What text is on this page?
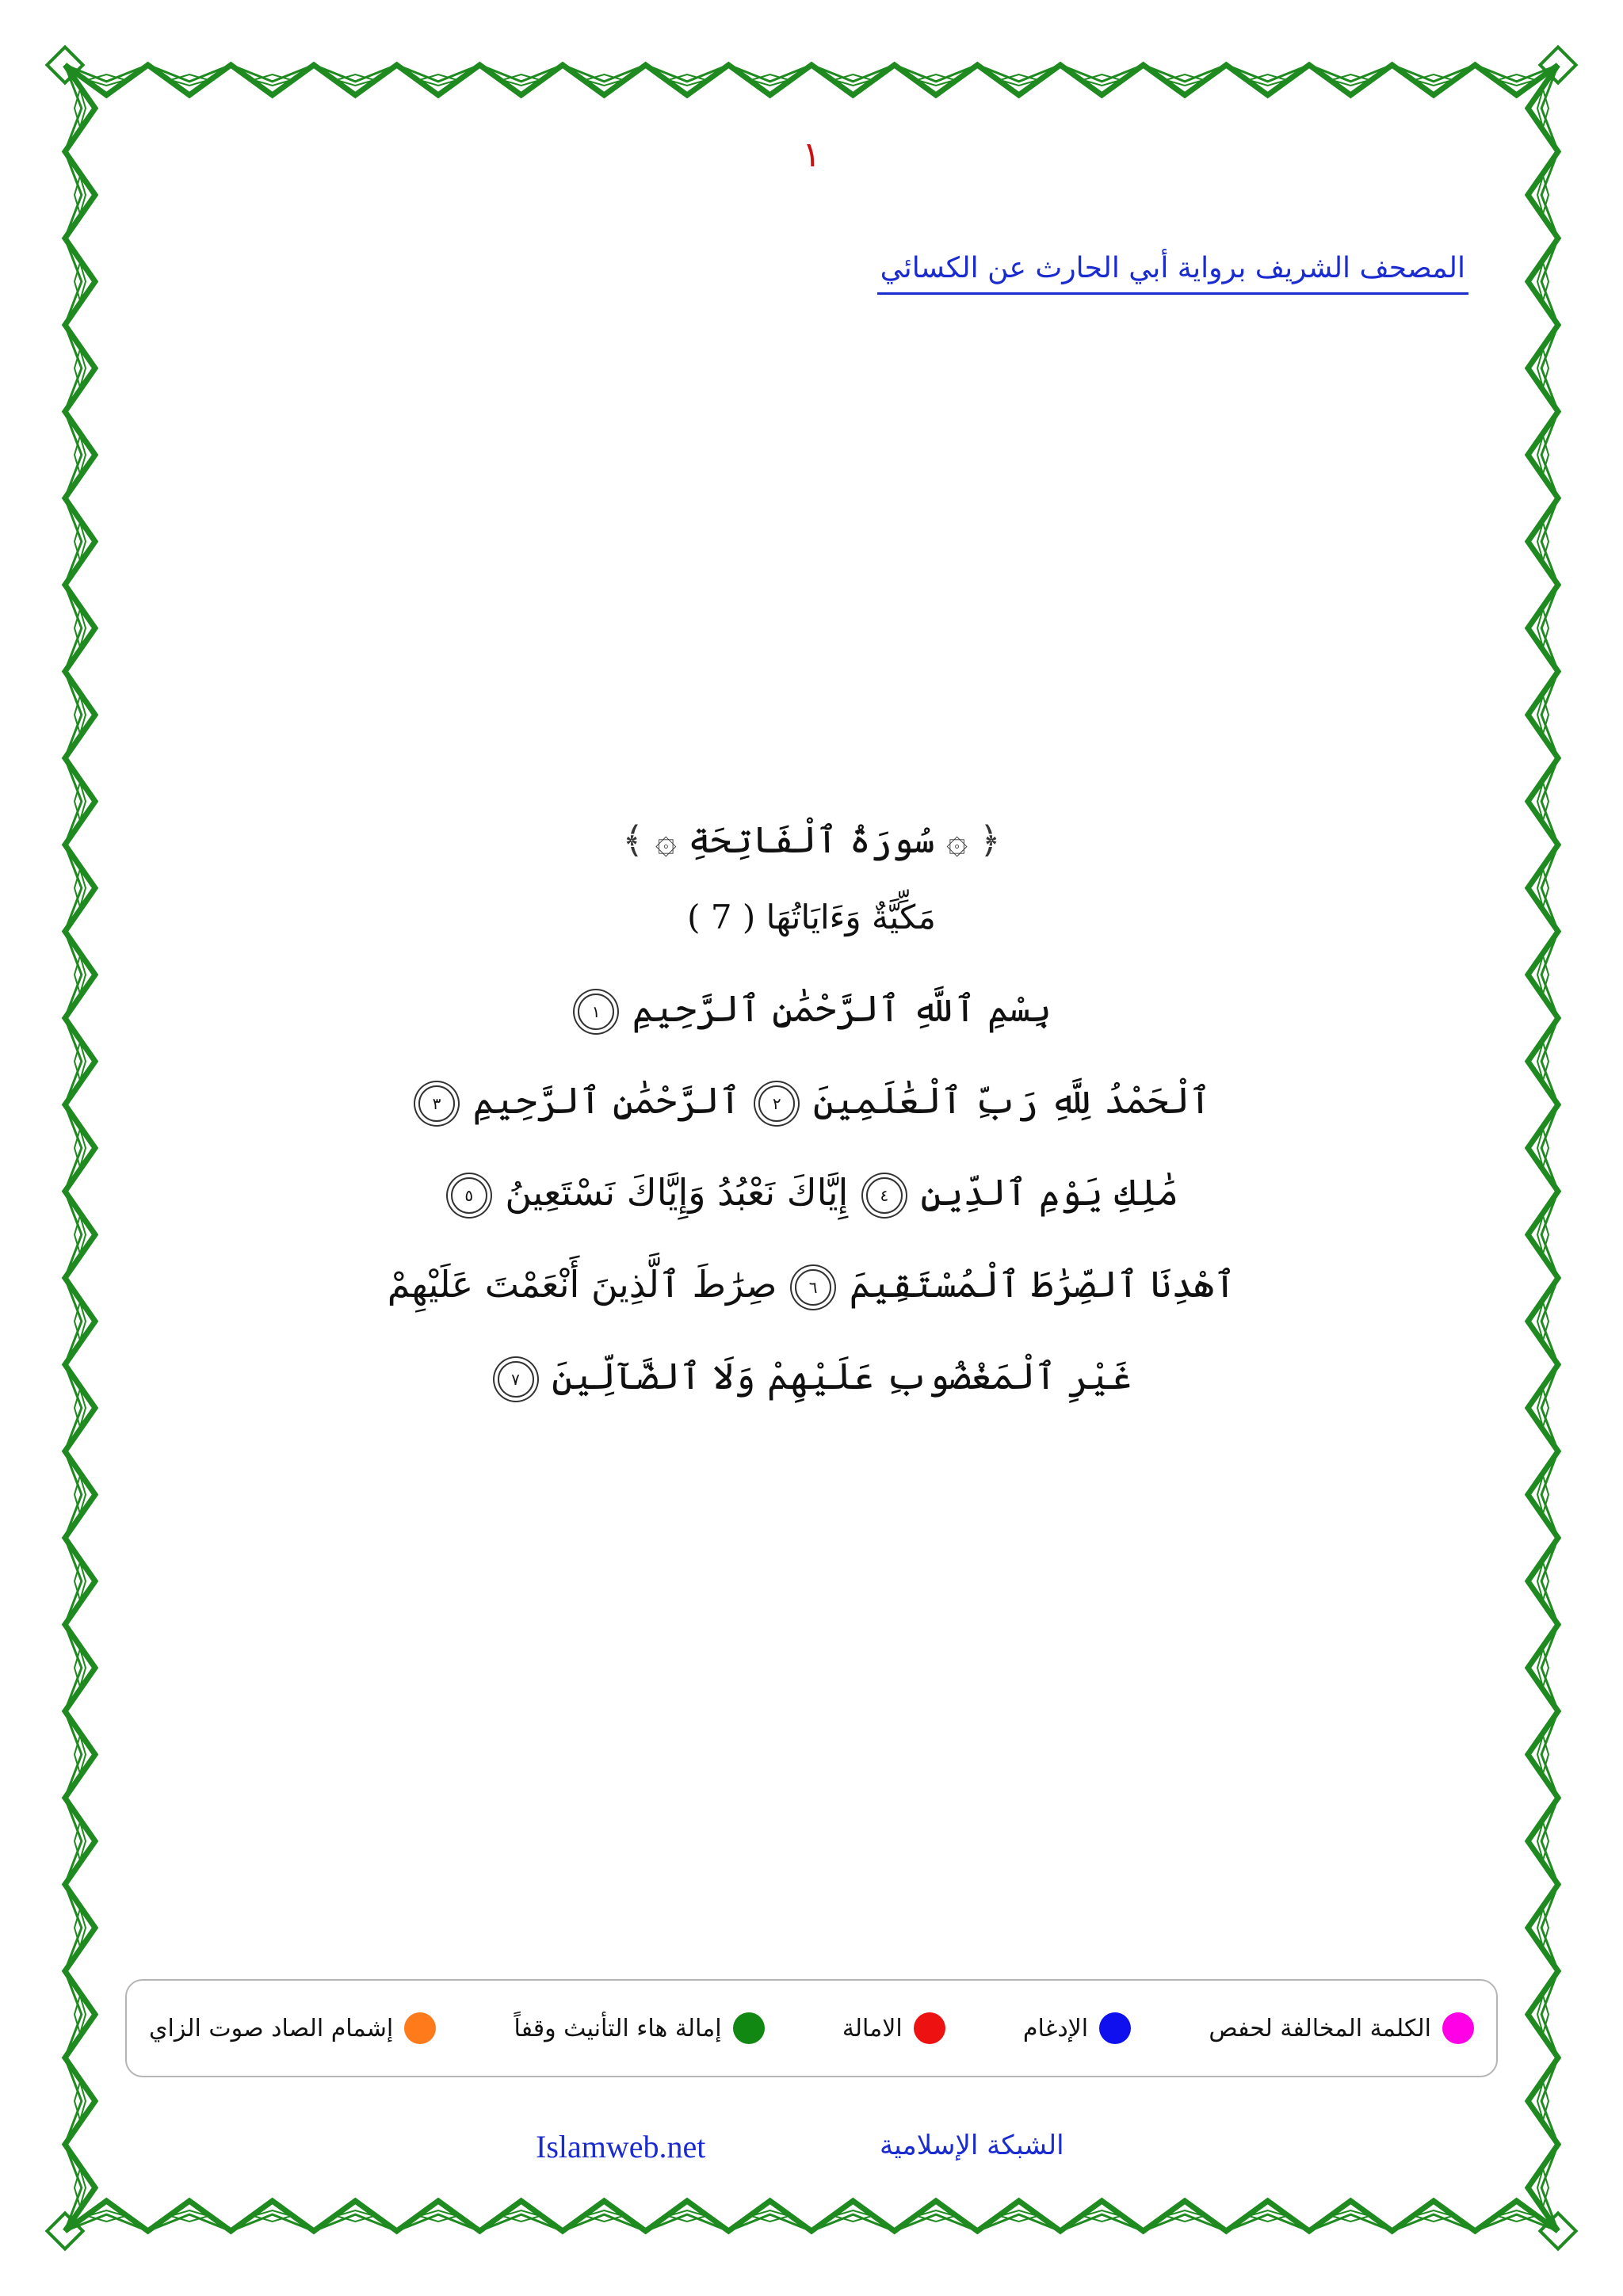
١
المصحف الشريف برواية أبي الحارث عن الكسائي
﴿ ۞ سُورَةُ ٱلْفَاتِحَةِ ۞ ﴾
مَكِّيَّةٌ وَءَايَاتُهَا ( 7 )
بِسْمِ ٱللَّهِ ٱلرَّحْمَٰنِ ٱلرَّحِيمِ ١
ٱلْحَمْدُ لِلَّهِ رَبِّ ٱلْعَٰلَمِينَ ٢ ٱلرَّحْمَٰنِ ٱلرَّحِيمِ ٣
مَٰلِكِ يَوْمِ ٱلدِّينِ ٤ إِيَّاكَ نَعْبُدُ وَإِيَّاكَ نَسْتَعِينُ ٥
ٱهْدِنَا ٱلصِّرَٰطَ ٱلْمُسْتَقِيمَ ٦ صِرَٰطَ ٱلَّذِينَ أَنْعَمْتَ عَلَيْهِمْ
غَيْرِ ٱلْمَغْضُوبِ عَلَيْهِمْ وَلَا ٱلضَّآلِّينَ ٧
الكلمة المخالفة لحفص
الإدغام
الامالة
إمالة هاء التأنيث وقفاً
إشمام الصاد صوت الزاي
Islamweb.net	الشبكة الإسلامية
